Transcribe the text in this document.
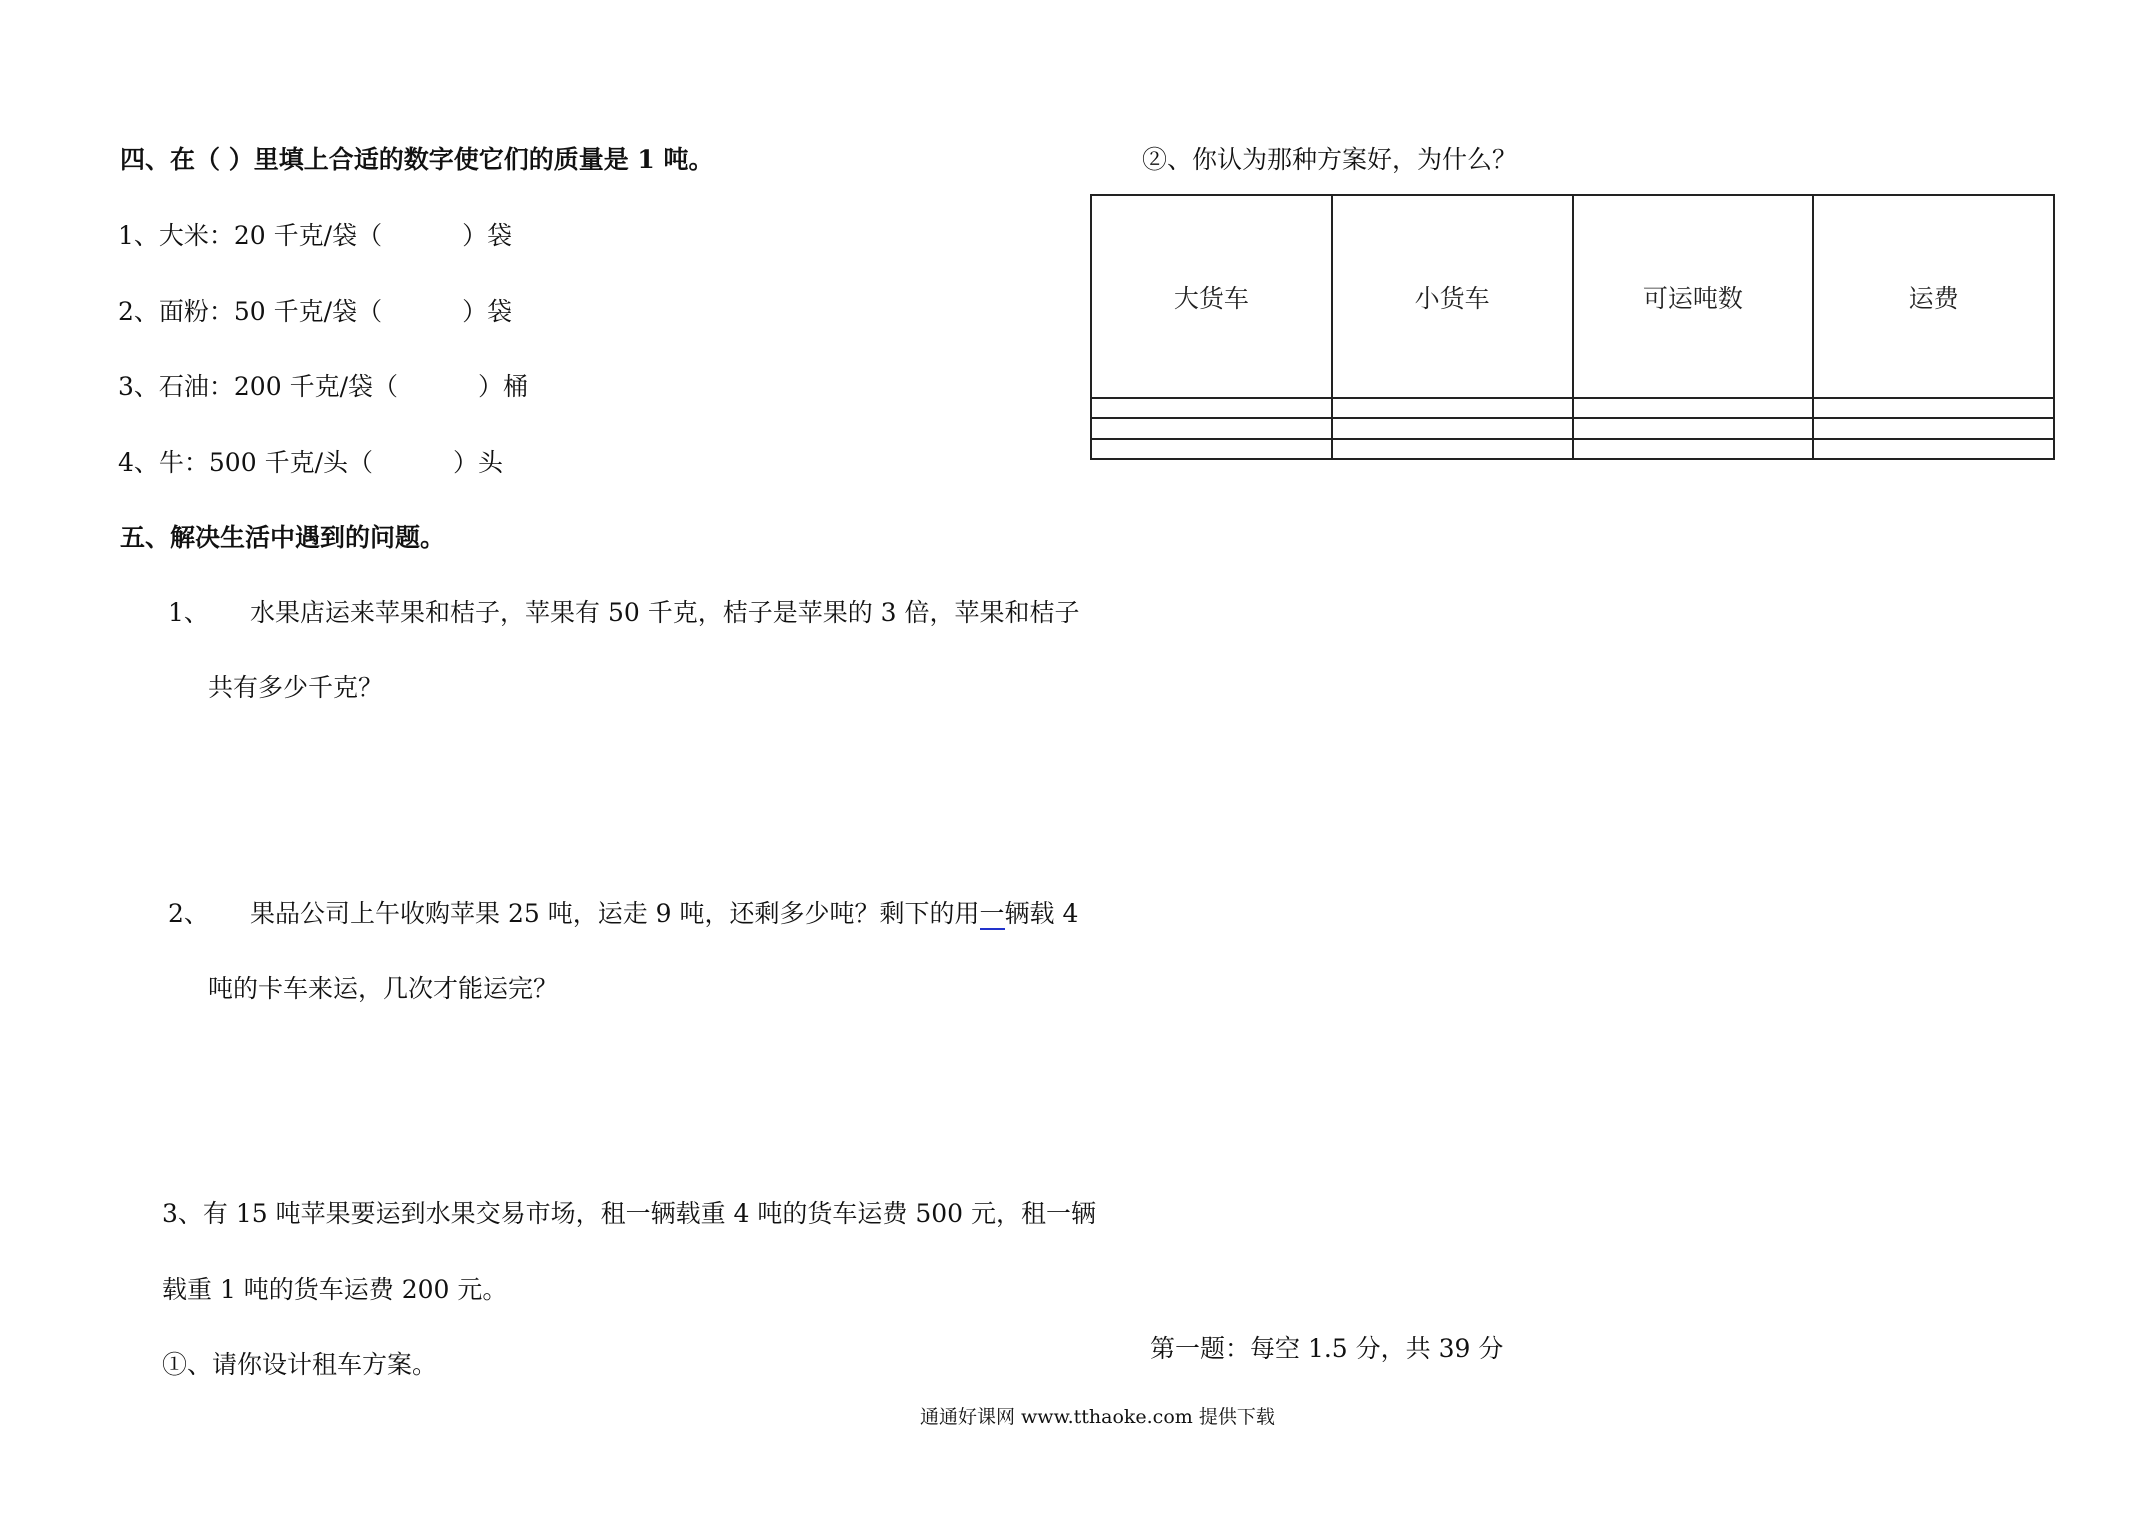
四、在（ ）里填上合适的数字使它们的质量是 1 吨。
1、大米：20 千克/袋（	）袋
2、面粉：50 千克/袋（	）袋
3、石油：200 千克/袋（	）桶
4、牛：500 千克/头（	）头
五、解决生活中遇到的问题。
1、 水果店运来苹果和桔子，苹果有 50 千克，桔子是苹果的 3 倍，苹果和桔子
共有多少千克？
2、 果品公司上午收购苹果 25 吨，运走 9 吨，还剩多少吨？剩下的用一辆载 4
吨的卡车来运，几次才能运完？
3、有 15 吨苹果要运到水果交易市场，租一辆载重 4 吨的货车运费 500 元，租一辆
载重 1 吨的货车运费 200 元。
①、请你设计租车方案。
②、你认为那种方案好，为什么？
大货车	小货车	可运吨数	运费

第一题：每空 1.5 分，共 39 分
通通好课网 www.tthaoke.com 提供下载
